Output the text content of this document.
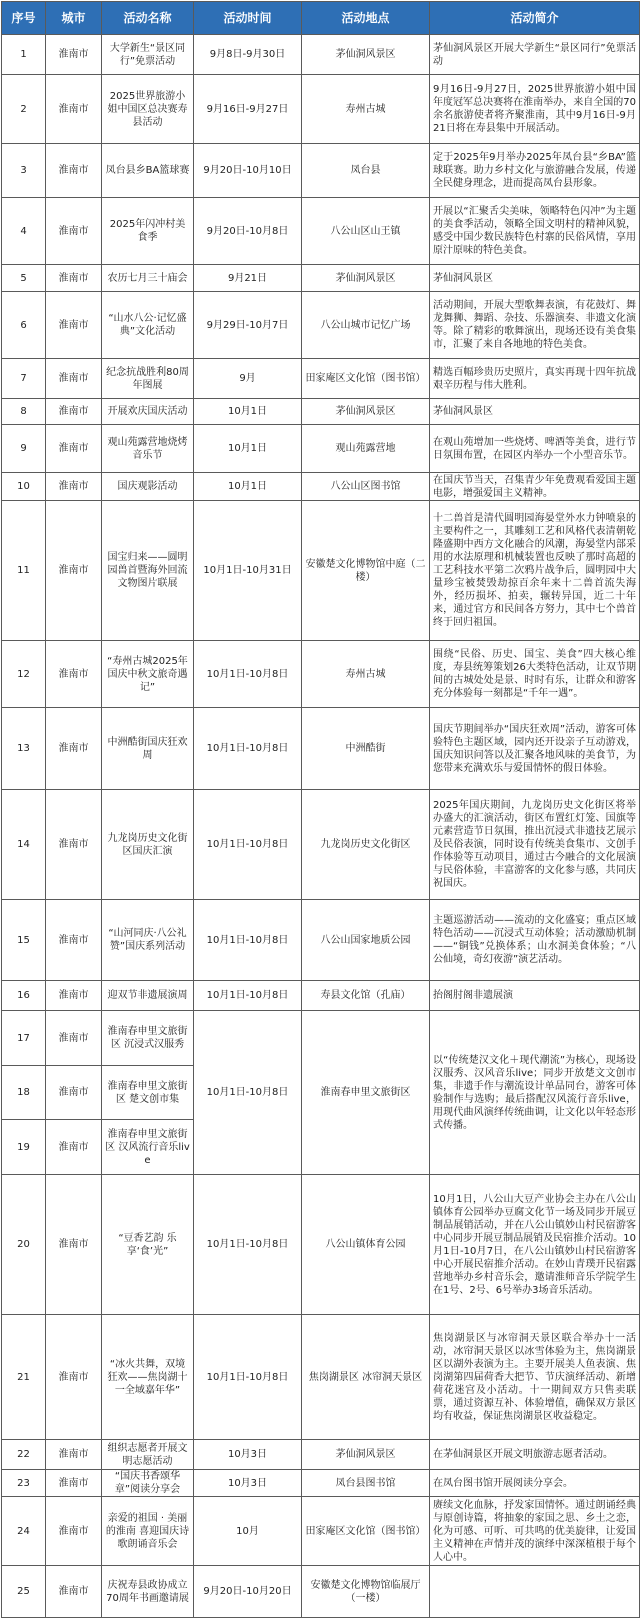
序号	城市	活动名称	活动时间	活动地点	活动简介
1	淮南市	大学新生“景区同行”免票活动	9月8日-9月30日	茅仙洞风景区	茅仙洞风景区开展大学新生“景区同行”免票活动
2	淮南市	2025世界旅游小姐中国区总决赛寿县活动	9月16日-9月27日	寿州古城	9月16日-9月27日，2025世界旅游小姐中国年度冠军总决赛将在淮南举办，来自全国的70余名旅游使者将齐聚淮南，其中9月16日-9月21日将在寿县集中开展活动。
3	淮南市	凤台县乡BA篮球赛	9月20日-10月10日	凤台县	定于2025年9月举办2025年凤台县“乡BA”篮球联赛。助力乡村文化与旅游融合发展，传递全民健身理念，进而提高凤台县形象。
4	淮南市	2025年闪冲村美食季	9月20日-10月8日	八公山区山王镇	开展以“汇聚舌尖美味，领略特色闪冲”为主题的美食季活动，领略全国文明村的精神风貌，感受中国少数民族特色村寨的民俗风情，享用原汁原味的特色美食。
5	淮南市	农历七月三十庙会	9月21日	茅仙洞风景区	茅仙洞风景区
6	淮南市	“山水八公·记忆盛典”文化活动	9月29日-10月7日	八公山城市记忆广场	活动期间，开展大型歌舞表演，有花鼓灯、舞龙舞狮、舞蹈、杂技、乐器演奏、非遗文化演等。除了精彩的歌舞演出，现场还设有美食集市，汇聚了来自各地地的特色美食。
7	淮南市	纪念抗战胜利80周年图展	9月	田家庵区文化馆（图书馆）	精选百幅珍贵历史照片，真实再现十四年抗战艰辛历程与伟大胜利。
8	淮南市	开展欢庆国庆活动	10月1日	茅仙洞风景区	茅仙洞风景区
9	淮南市	观山苑露营地烧烤音乐节	10月1日	观山苑露营地	在观山苑增加一些烧烤、啤酒等美食，进行节日氛围布置，在园区内举办一个小型音乐节。
10	淮南市	国庆观影活动	10月1日	八公山区图书馆	在国庆节当天，召集青少年免费观看爱国主题电影，增强爱国主义精神。
11	淮南市	国宝归来——圆明园兽首暨海外回流文物图片联展	10月1日-10月31日	安徽楚文化博物馆中庭（二楼）	十二兽首是清代圆明园海晏堂外水力钟喷泉的主要构件之一，其雕刻工艺和风格代表清朝乾隆盛期中西方文化融合的风潮，海晏堂内部采用的水法原理和机械装置也反映了那时高超的工艺科技水平第二次鸦片战争后，圆明园中大量珍宝被焚毁劫掠百余年来十二兽首流失海外，经历损坏、拍卖，辗转异国，近二十年来，通过官方和民间各方努力，其中七个兽首终于回归祖国。
12	淮南市	“寿州古城2025年国庆中秋文旅奇遇记”	10月1日-10月8日	寿州古城	围绕“民俗、历史、国宝、美食”四大核心维度，寿县统筹策划26大类特色活动，让双节期间的古城处处是景、时时有乐，让群众和游客充分体验每一刻都是“千年一遇”。
13	淮南市	中洲酷街国庆狂欢周	10月1日-10月8日	中洲酷街	国庆节期间举办“国庆狂欢周”活动，游客可体验特色主题区域，园内还开设亲子互动游戏，国庆知识问答以及汇聚各地风味的美食节，为您带来充满欢乐与爱国情怀的假日体验。
14	淮南市	九龙岗历史文化街区国庆汇演	10月1日-10月8日	九龙岗历史文化街区	2025年国庆期间，九龙岗历史文化街区将举办盛大的汇演活动，街区布置红灯笼、国旗等元素营造节日氛围，推出沉浸式非遗技艺展示及民俗表演，同时设有传统美食集市、文创手作体验等互动项目，通过古今融合的文化展演与民俗体验，丰富游客的文化参与感，共同庆祝国庆。
15	淮南市	“山河同庆·八公礼赞”国庆系列活动	10月1日-10月8日	八公山国家地质公园	主题巡游活动——流动的文化盛宴；重点区域特色活动——沉浸式互动体验；活动激励机制——“铜钱”兑换体系；山水洞美食体验；“八公仙境，奇幻夜游”演艺活动。
16	淮南市	迎双节非遗展演周	10月1日-10月8日	寿县文化馆（孔庙）	抬阁肘阁非遗展演
17	淮南市	淮南春申里文旅街区 沉浸式汉服秀	10月1日-10月8日	淮南春申里文旅街区	以“传统楚汉文化＋现代潮流”为核心，现场设汉服秀、汉风音乐live；同步开放楚文文创市集，非遗手作与潮流设计单品同台，游客可体验制作与选购；最后搭配汉风流行音乐live，用现代曲风演绎传统曲调，让文化以年轻态形式传播。
18	淮南市	淮南春申里文旅街区 楚文创市集			
19	淮南市	淮南春申里文旅街区 汉风流行音乐live			
20	淮南市	“豆香艺韵 乐享‘食’光”	10月1日-10月8日	八公山镇体育公园	10月1日，八公山大豆产业协会主办在八公山镇体育公园举办豆腐文化节一场及同步开展豆制品展销活动，并在八公山镇妙山村民宿游客中心同步开展豆制品展销及民宿推介活动。10月1日-10月7日，在八公山镇妙山村民宿游客中心开展民宿推介活动。在妙山青璞开民宿露营地举办乡村音乐会，邀请淮师音乐学院学生在1号、2号、6号举办3场音乐活动。
21	淮南市	“冰火共舞，双境狂欢——焦岗湖十一全域嘉年华”	10月1日-10月8日	焦岗湖景区 冰帘洞天景区	焦岗湖景区与冰帘洞天景区联合举办十一活动，冰帘洞天景区以冰雪体验为主，焦岗湖景区以湖外表演为主。主要开展美人鱼表演、焦岗湖第四届荷香大把节、节庆演绎活动、新增荷花迷宫及小活动。十一期间双方只售卖联票，通过资源互补、体验增值，确保双方景区均有收益，保证焦岗湖景区收益稳定。
22	淮南市	组织志愿者开展文明志愿活动	10月3日	茅仙洞风景区	在茅仙洞景区开展文明旅游志愿者活动。
23	淮南市	“国庆书香颂华章”阅读分享会	10月3日	凤台县图书馆	在凤台图书馆开展阅读分享会。
24	淮南市	亲爱的祖国 · 美丽的淮南 喜迎国庆诗歌朗诵音乐会	10月	田家庵区文化馆（图书馆）	赓续文化血脉，抒发家国情怀。通过朗诵经典与原创诗篇，将抽象的家国之思、乡土之恋，化为可感、可听、可共鸣的优美旋律，让爱国主义精神在声情并茂的演绎中深深植根于每个人心中。
25	淮南市	庆祝寿县政协成立70周年书画邀请展	9月20日-10月20日	安徽楚文化博物馆临展厅（一楼）	
